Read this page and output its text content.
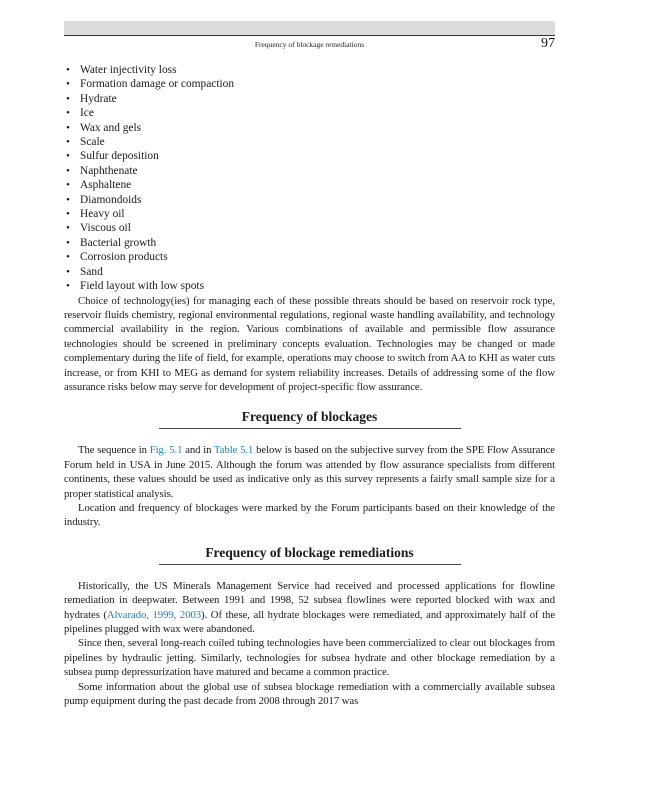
Frequency of blockage remediations	97
• Water injectivity loss
• Formation damage or compaction
• Hydrate
• Ice
• Wax and gels
• Scale
• Sulfur deposition
• Naphthenate
• Asphaltene
• Diamondoids
• Heavy oil
• Viscous oil
• Bacterial growth
• Corrosion products
• Sand
• Field layout with low spots

Choice of technology(ies) for managing each of these possible threats should be based on reservoir rock type, reservoir fluids chemistry, regional environmental regulations, regional waste handling availability, and technology commercial availability in the region. Various combinations of available and permissible flow assurance technologies should be screened in preliminary concepts evaluation. Technologies may be changed or made complementary during the life of field, for example, operations may choose to switch from AA to KHI as water cuts increase, or from KHI to MEG as demand for system reliability increases. Details of addressing some of the flow assurance risks below may serve for development of project-specific flow assurance.

Frequency of blockages

The sequence in Fig. 5.1 and in Table 5.1 below is based on the subjective survey from the SPE Flow Assurance Forum held in USA in June 2015. Although the forum was attended by flow assurance specialists from different continents, these values should be used as indicative only as this survey represents a fairly small sample size for a proper statistical analysis.

Location and frequency of blockages were marked by the Forum participants based on their knowledge of the industry.

Frequency of blockage remediations

Historically, the US Minerals Management Service had received and processed applications for flowline remediation in deepwater. Between 1991 and 1998, 52 subsea flowlines were reported blocked with wax and hydrates (Alvarado, 1999, 2003). Of these, all hydrate blockages were remediated, and approximately half of the pipelines plugged with wax were abandoned.

Since then, several long-reach coiled tubing technologies have been commercialized to clear out blockages from pipelines by hydraulic jetting. Similarly, technologies for subsea hydrate and other blockage remediation by a subsea pump depressurization have matured and became a common practice.

Some information about the global use of subsea blockage remediation with a commercially available subsea pump equipment during the past decade from 2008 through 2017 was
